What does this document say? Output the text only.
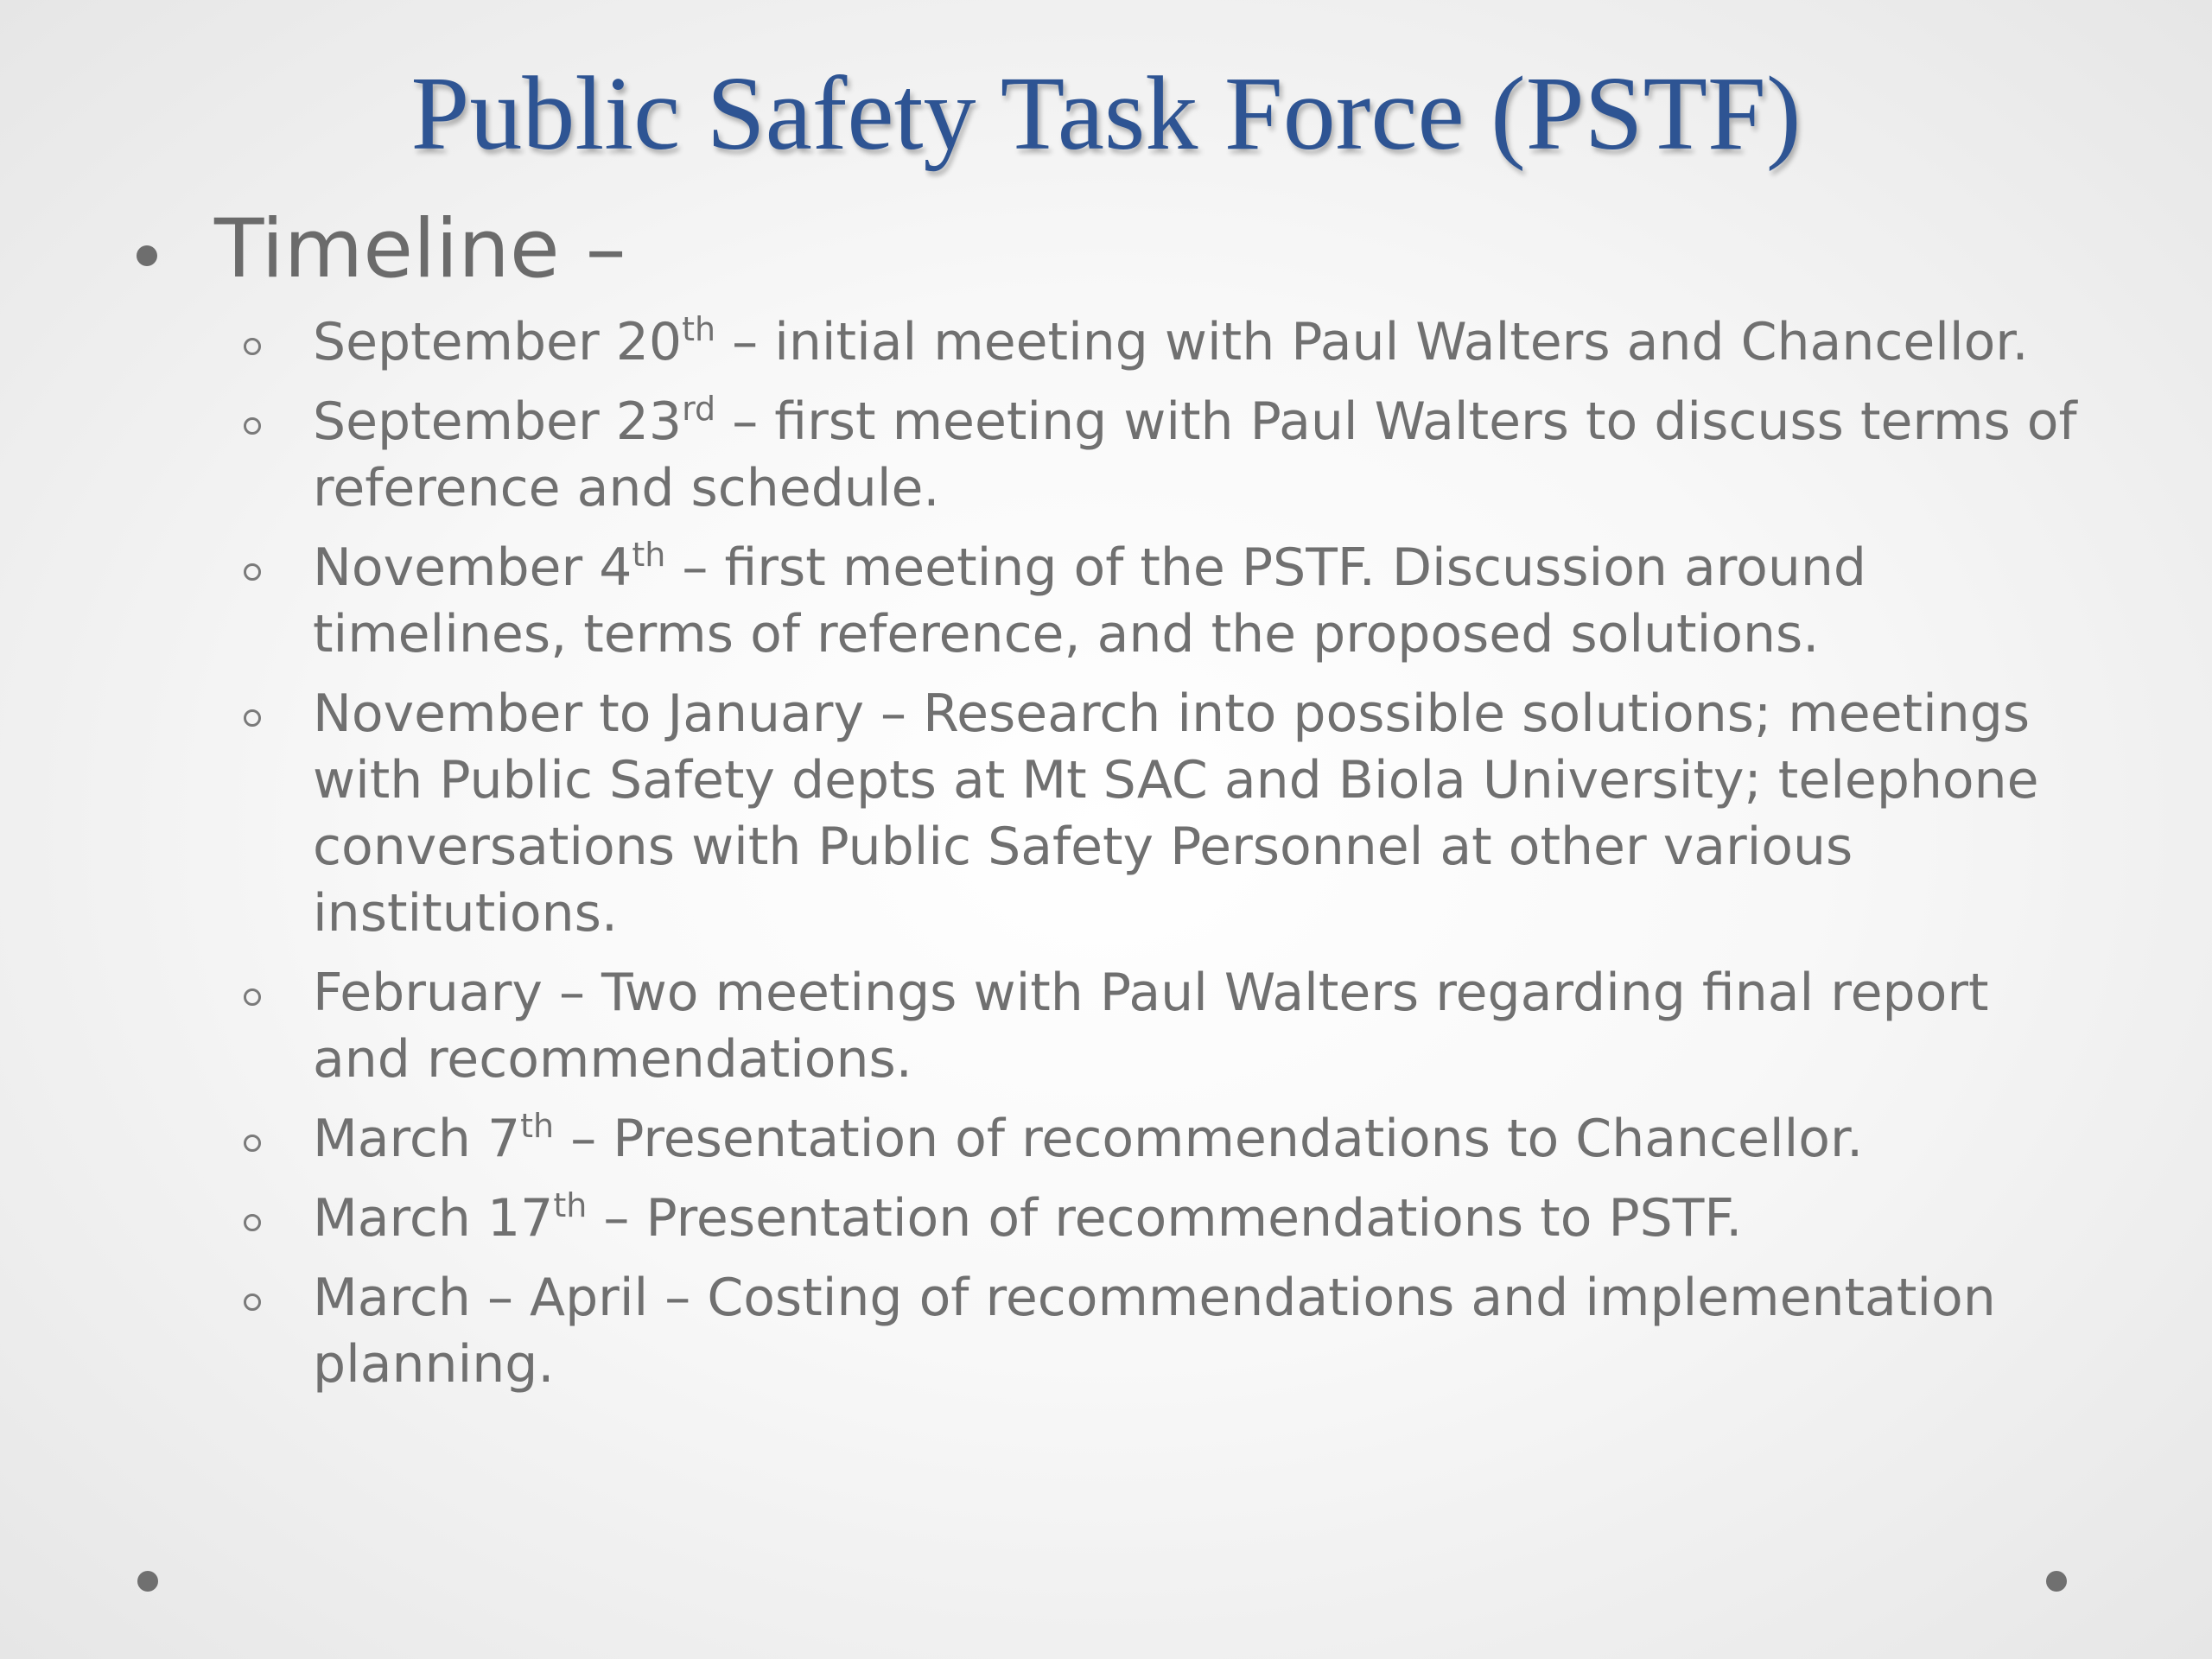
Public Safety Task Force (PSTF)
Timeline –
September 20th – initial meeting with Paul Walters and Chancellor.
September 23rd – first meeting with Paul Walters to discuss terms of reference and schedule.
November 4th – first meeting of the PSTF. Discussion around timelines, terms of reference, and the proposed solutions.
November to January – Research into possible solutions; meetings with Public Safety depts at Mt SAC and Biola University; telephone conversations with Public Safety Personnel at other various institutions.
February – Two meetings with Paul Walters regarding final report and recommendations.
March 7th – Presentation of recommendations to Chancellor.
March 17th – Presentation of recommendations to PSTF.
March – April – Costing of recommendations and implementation planning.
